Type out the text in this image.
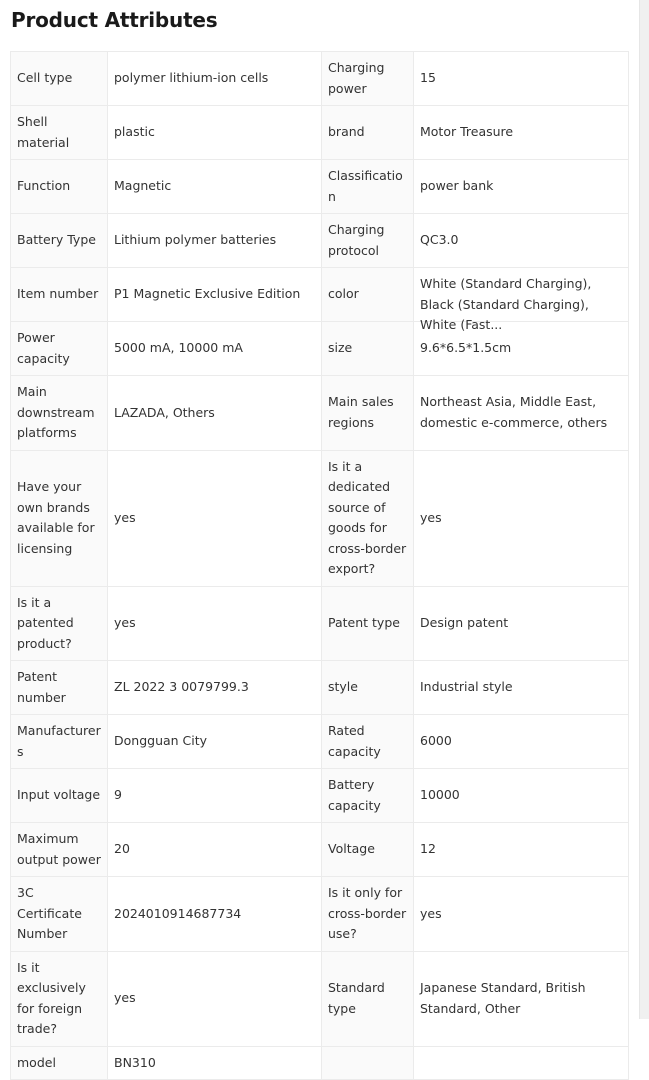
Product Attributes
Cell type	polymer lithium-ion cells	Charging power	15
Shell material	plastic	brand	Motor Treasure
Function	Magnetic	Classification	power bank
Battery Type	Lithium polymer batteries	Charging protocol	QC3.0
Item number	P1 Magnetic Exclusive Edition	color	White (Standard Charging), Black (Standard Charging), White (Fast...

Power capacity	5000 mA, 10000 mA	size	9.6*6.5*1.5cm
Main downstream platforms	LAZADA, Others	Main sales regions	Northeast Asia, Middle East, domestic e-commerce, others
Have your own brands available for licensing	yes	Is it a dedicated source of goods for cross-border export?	yes
Is it a patented product?	yes	Patent type	Design patent
Patent number	ZL 2022 3 0079799.3	style	Industrial style
Manufacturers	Dongguan City	Rated capacity	6000
Input voltage	9	Battery capacity	10000
Maximum output power	20	Voltage	12
3C Certificate Number	2024010914687734	Is it only for cross-border use?	yes
Is it exclusively for foreign trade?	yes	Standard type	Japanese Standard, British Standard, Other
model	BN310		
